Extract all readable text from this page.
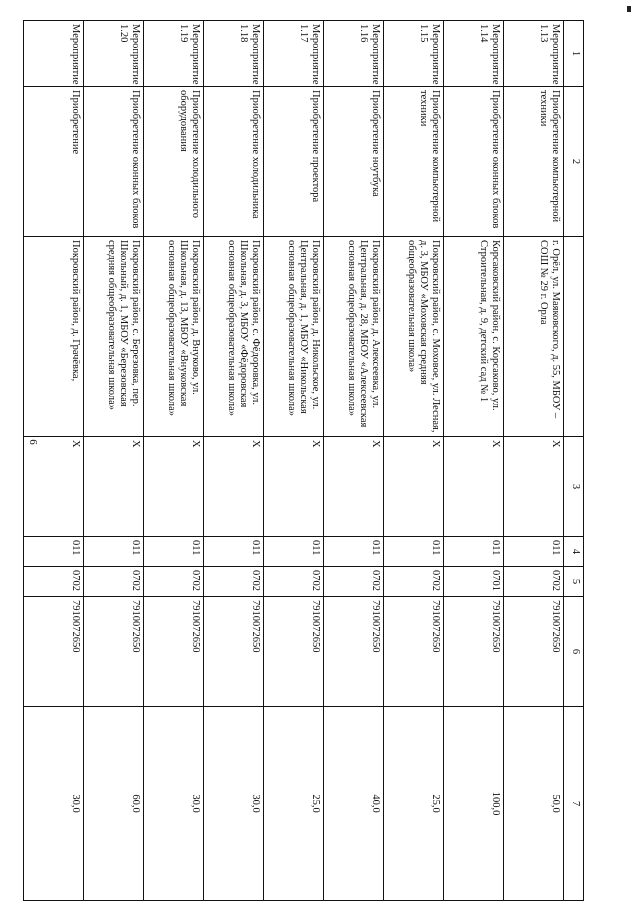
6
1	2		3	4	5	6	7
Мероприятие 1.13	Приобретение компьютерной техники	г. Орёл, ул. Маяковского, д. 55, МБОУ – СОШ № 29 г. Орла	X	011	0702	7910072650	50,0
Мероприятие 1.14	Приобретение оконных блоков	Корсаковский район, с. Корсаково, ул. Строительная, д. 9, детский сад № 1	X	011	0701	7910072650	100,0
Мероприятие 1.15	Приобретение компьютерной техники	Покровский район, с. Моховое, ул. Лесная, д. 3, МБОУ «Моховская средняя общеобразовательная школа»	X	011	0702	7910072650	25,0
Мероприятие 1.16	Приобретение ноутбука	Покровский район, д. Алексеевка, ул. Центральная, д. 28, МБОУ «Алексеевская основная общеобразовательная школа»	X	011	0702	7910072650	40,0
Мероприятие 1.17	Приобретение проектора	Покровский район, д. Никольское, ул. Центральная, д. 1, МБОУ «Никольская основная общеобразовательная школа»	X	011	0702	7910072650	25,0
Мероприятие 1.18	Приобретение холодильника	Покровский район, с. Фёдоровка, ул. Школьная, д. 3, МБОУ «Фёдоровская основная общеобразовательная школа»	X	011	0702	7910072650	30,0
Мероприятие 1.19	Приобретение холодильного оборудования	Покровский район, д. Внуково, ул. Школьная, д. 13, МБОУ «Внуковская основная общеобразовательная школа»	X	011	0702	7910072650	30,0
Мероприятие 1.20	Приобретение оконных блоков	Покровский район, с. Березовка, пер. Школьный, д. 1, МБОУ «Березовская средняя общеобразовательная школа»	X	011	0702	7910072650	60,0
Мероприятие	Приобретение	Покровский район, д. Грачёвка,	X	011	0702	7910072650	30,0
